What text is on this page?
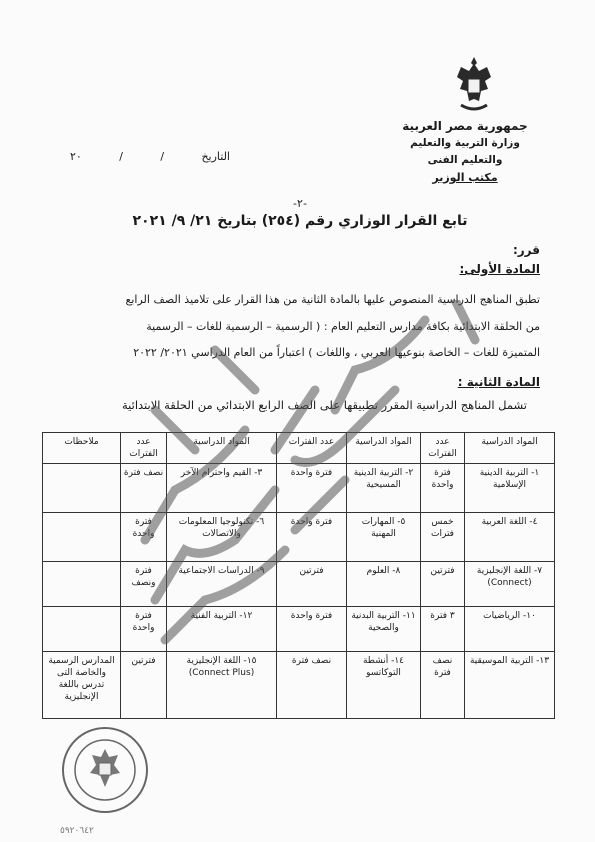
جمهورية مصر العربية
وزارة التربية والتعليم والتعليم الفنى
مكتب الوزير
التاريخ
/
/
٢٠
-٢-
تابع القرار الوزاري رقم (٢٥٤) بتاريخ ٢١/ ٩/ ٢٠٢١
قرر:
المادة الأولى:
تطبق المناهج الدراسية المنصوص عليها بالمادة الثانية من هذا القرار على تلاميذ الصف الرابع
من الحلقة الابتدائية بكافة مدارس التعليم العام : ( الرسمية – الرسمية للغات – الرسمية
المتميزة للغات – الخاصة بنوعيها العربي ، واللغات ) اعتباراً من العام الدراسي ٢٠٢١/ ٢٠٢٢
المادة الثانية :
تشمل المناهج الدراسية المقرر تطبيقها على الصف الرابع الابتدائي من الحلقة الابتدائية
المواد الدراسية	عدد الفترات	المواد الدراسية	عدد الفترات	المواد الدراسية	عدد الفترات	ملاحظات
١- التربية الدينية الإسلامية	فترة واحدة	٢- التربية الدينية المسيحية	فترة واحدة	٣- القيم واحترام الآخر	نصف فترة	
٤- اللغة العربية	خمس فترات	٥- المهارات المهنية	فترة واحدة	٦- تكنولوجيا المعلومات والاتصالات	فترة واحدة	
٧- اللغة الإنجليزية (Connect)	فترتين	٨- العلوم	فترتين	٩- الدراسات الاجتماعية	فترة ونصف	
١٠- الرياضيات	٣ فترة	١١- التربية البدنية والصحية	فترة واحدة	١٢- التربية الفنية	فترة واحدة	
١٣- التربية الموسيقية	نصف فترة	١٤- أنشطة التوكاتسو	نصف فترة	١٥- اللغة الإنجليزية (Connect Plus)	فترتين	المدارس الرسمية والخاصة التى تدرس باللغة الإنجليزية
٥٩٢٠٦٤٢
